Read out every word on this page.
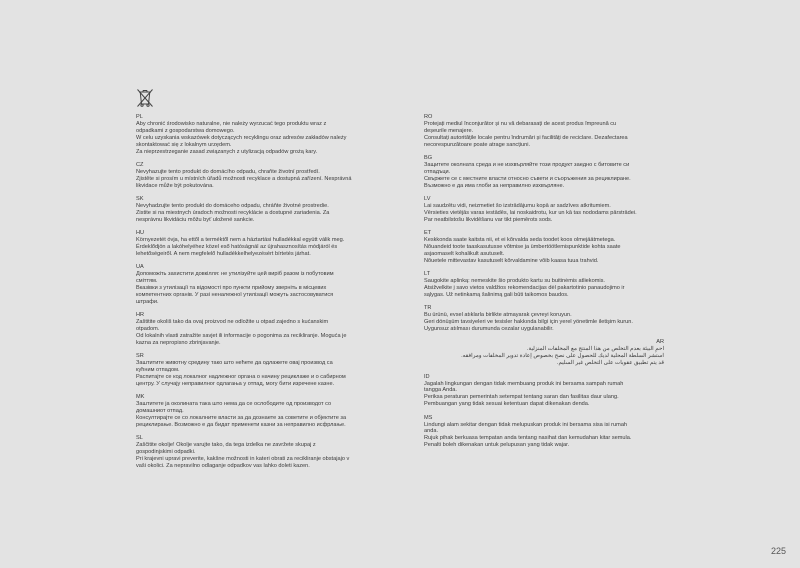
PL
Aby chronić środowisko naturalne, nie należy wyrzucać tego produktu wraz z
odpadkami z gospodarstwa domowego.
W celu uzyskania wskazówek dotyczących recyklingu oraz adresów zakładów należy
skontaktować się z lokalnym urzędem.
Za nieprzestrzeganie zasad związanych z utylizacją odpadów grożą kary.
CZ
Nevyhazujte tento produkt do domácího odpadu, chraňte životní prostředí.
Zjistěte si prosím u místních úřadů možnosti recyklace a dostupná zařízení. Nesprávná
likvidace může být pokutována.
SK
Nevyhadzujte tento produkt do domáceho odpadu, chráňte životné prostredie.
Zistite si na miestnych úradoch možnosti recyklácie a dostupné zariadenia. Za
nesprávnu likvidáciu môžu byť uložené sankcie.
HU
Környezetét óvja, ha ettől a terméktől nem a háztartási hulladékkal együtt válik meg.
Érdeklődjön a lakóhelyéhez közel eső hatóságnál az újrahasznosítás módjáról és
lehetőségeiről. A nem megfelelő hulladékkelhelyezésért bírtetés járhat.
UA
Допоможіть захистити довкілля: не утилізуйте цей виріб разом із побутовим
сміттям.
Вказівки з утилізації та відомості про пункти прийому зверніть в місцевих
компетентних органів. У разі неналежної утилізації можуть застосовуватися
штрафи.
HR
Zaštitite okoliš tako da ovaj proizvod ne odložite u otpad zajedno s kućanskim
otpadom.
Od lokalnih vlasti zatražite savjet ili informacije o pogonima za recikliranje. Moguća je
kazna za nepropisno zbrinjavanje.
SR
Заштитите животну средину тако што нећете да одлажете овај производ са
кућним отпадом.
Распитајте се код локалног надлежног органа о начину рециклаже и о сабирном
центру. У случају неправилног одлагања у отпад, могу бити изречене казне.
MK
Заштитете ја околината така што нема да се ослободите од производот со
домашниот отпад.
Консултирајте се со локалните власти за да дознаете за советите и објектите за
рециклирање. Возможно е да бидат применети казни за неправилно исфрлање.
SL
Zaščitite okolje! Okolje varujte tako, da tega izdelka ne zavržete skupaj z
gospodinjskimi odpadki.
Pri krajevni upravi preverite, kakšne možnosti in kateri obrati za recikliranje obstajajo v
vaši okolici. Za nepravilno odlaganje odpadkov vas lahko doleti kazen.
RO
Protejați mediul înconjurător și nu vă debarasați de acest produs împreună cu
deșeurile menajere.
Consultați autoritățile locale pentru îndrumări și facilități de reciclare. Dezafectarea
necorespunzătoare poate atrage sancțiuni.
BG
Защитете околната среда и не изхвърляйте този продукт заедно с битовите си
отпадъци.
Свържете се с местните власти относно съвети и съоръжения за рециклиране.
Възможно е да има глоби за неправилно изхвърляне.
LV
Lai saudzētu vidi, neizmetiet šo izstrādājumu kopā ar sadzīves atkritumiem.
Vērsieties vietējās varas iestādēs, lai noskaidrotu, kur un kā tas nododams pārstrādei.
Par neatbilstošu likvidēšanu var tikt piemērots sods.
ET
Keskkonda saate kaitsta nii, et ei kõrvalda seda toodet koos olmejäätmetega.
Nõuandeid toote taaskasutusse võtmise ja ümbertöötlemispunktide kohta saate
asjaomaselt kohalikult asutuselt.
Nõuetele mittevastav kasutuselt kõrvaldamine võib kaasa tuua trahvid.
LT
Saugokite aplinką: nemeskite šio produkto kartu su buitinėmis atliekomis.
Atsižvelkite į savo vietos valdžios rekomendacijas dėl pakartotinio panaudojimo ir
sąlygas. Už netinkamą šalinimą gali būti taikomos baudos.
TR
Bu ürünü, evsel atıklarla birlikte atmayarak çevreyi koruyun.
Geri dönüşüm tavsiyeleri ve tesisler hakkında bilgi için yerel yönetimle iletişim kurun.
Uygunsuz atılması durumunda cezalar uygulanabilir.
AR
احمِ البيئة بعدم التخلص من هذا المنتج مع المخلفات المنزلية.
استشر السلطة المحلية لديك للحصول على نصح بخصوص إعادة تدوير المخلفات ومرافقه.
قد يتم تطبيق عقوبات على التخلص غير السليم.
ID
Jagalah lingkungan dengan tidak membuang produk ini bersama sampah rumah
tangga Anda.
Periksa peraturan pemerintah setempat tentang saran dan fasilitas daur ulang.
Pembuangan yang tidak sesuai ketentuan dapat dikenakan denda.
MS
Lindungi alam sekitar dengan tidak melupuskan produk ini bersama sisa isi rumah
anda.
Rujuk pihak berkuasa tempatan anda tentang nasihat dan kemudahan kitar semula.
Penalti boleh dikenakan untuk pelupusan yang tidak wajar.
225
